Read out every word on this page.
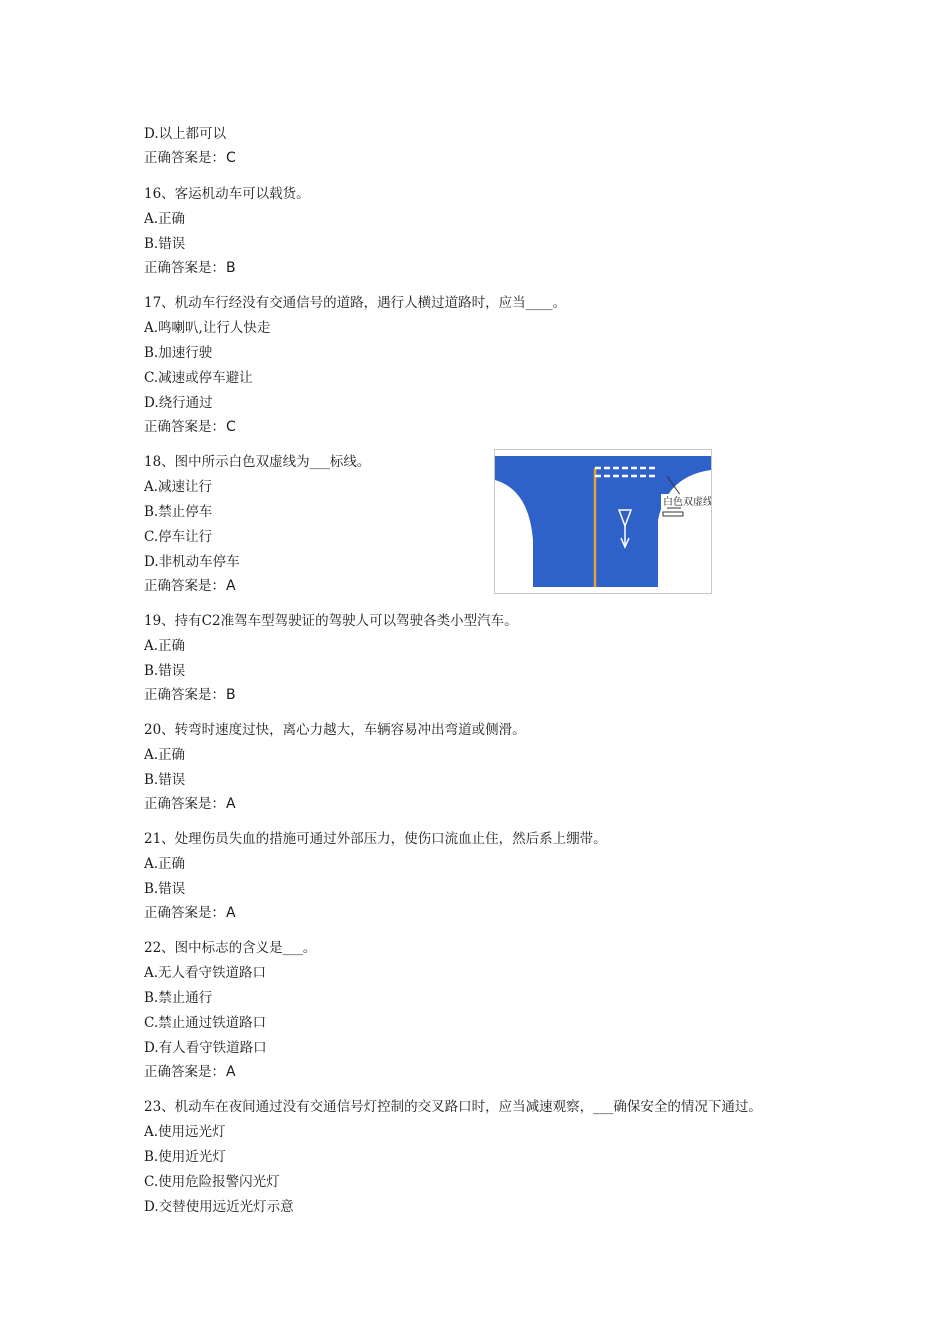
D.以上都可以
正确答案是：C
16、客运机动车可以载货。
A.正确
B.错误
正确答案是：B
17、机动车行经没有交通信号的道路，遇行人横过道路时，应当____。
A.鸣喇叭,让行人快走
B.加速行驶
C.减速或停车避让
D.绕行通过
正确答案是：C
18、图中所示白色双虚线为___标线。
A.减速让行
B.禁止停车
C.停车让行
D.非机动车停车
正确答案是：A
白色双虚线
19、持有C2准驾车型驾驶证的驾驶人可以驾驶各类小型汽车。
A.正确
B.错误
正确答案是：B
20、转弯时速度过快，离心力越大，车辆容易冲出弯道或侧滑。
A.正确
B.错误
正确答案是：A
21、处理伤员失血的措施可通过外部压力，使伤口流血止住，然后系上绷带。
A.正确
B.错误
正确答案是：A
22、图中标志的含义是___。
A.无人看守铁道路口
B.禁止通行
C.禁止通过铁道路口
D.有人看守铁道路口
正确答案是：A
23、机动车在夜间通过没有交通信号灯控制的交叉路口时，应当减速观察，___确保安全的情况下通过。
A.使用远光灯
B.使用近光灯
C.使用危险报警闪光灯
D.交替使用远近光灯示意
